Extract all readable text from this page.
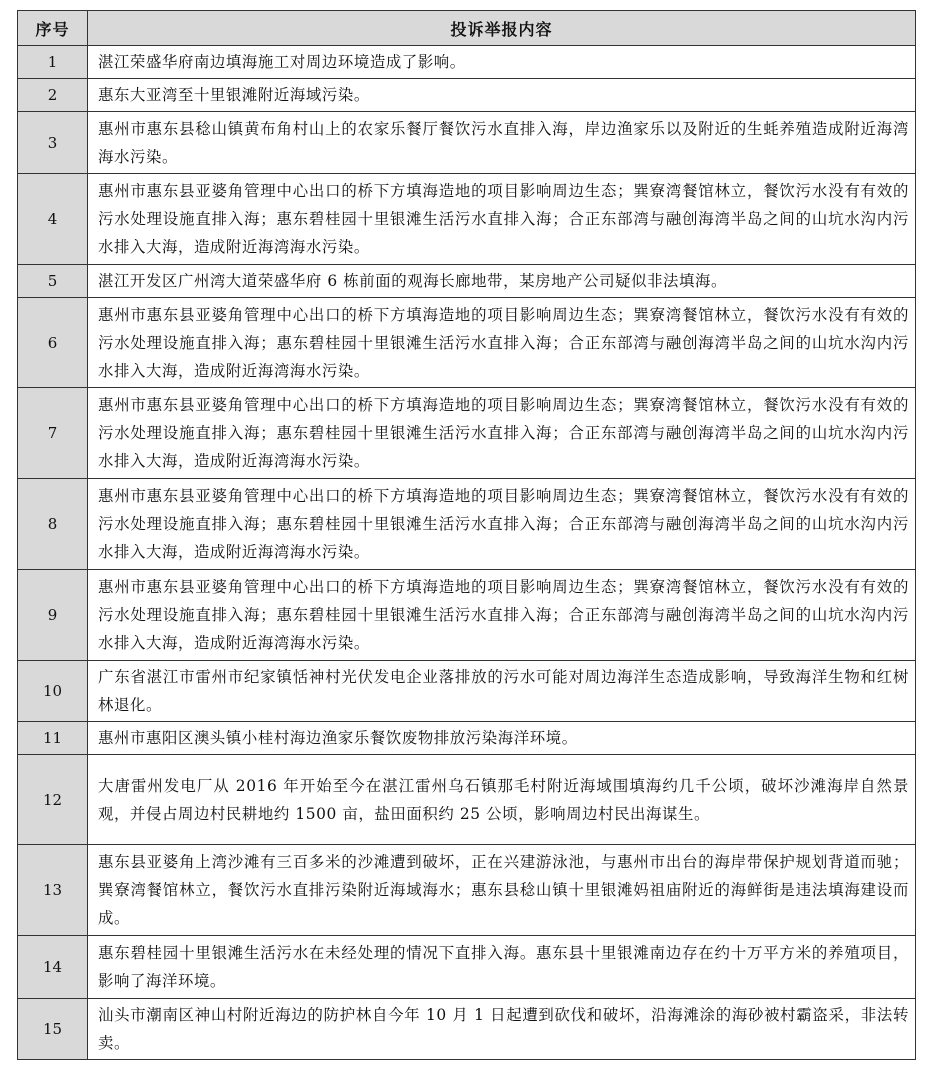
序号	投诉举报内容
1	湛江荣盛华府南边填海施工对周边环境造成了影响。
2	惠东大亚湾至十里银滩附近海域污染。
3	惠州市惠东县稔山镇黄布角村山上的农家乐餐厅餐饮污水直排入海，岸边渔家乐以及附近的生蚝养殖造成附近海湾海水污染。
4	惠州市惠东县亚婆角管理中心出口的桥下方填海造地的项目影响周边生态；巽寮湾餐馆林立，餐饮污水没有有效的污水处理设施直排入海；惠东碧桂园十里银滩生活污水直排入海；合正东部湾与融创海湾半岛之间的山坑水沟内污水排入大海，造成附近海湾海水污染。
5	湛江开发区广州湾大道荣盛华府 6 栋前面的观海长廊地带，某房地产公司疑似非法填海。
6	惠州市惠东县亚婆角管理中心出口的桥下方填海造地的项目影响周边生态；巽寮湾餐馆林立，餐饮污水没有有效的污水处理设施直排入海；惠东碧桂园十里银滩生活污水直排入海；合正东部湾与融创海湾半岛之间的山坑水沟内污水排入大海，造成附近海湾海水污染。
7	惠州市惠东县亚婆角管理中心出口的桥下方填海造地的项目影响周边生态；巽寮湾餐馆林立，餐饮污水没有有效的污水处理设施直排入海；惠东碧桂园十里银滩生活污水直排入海；合正东部湾与融创海湾半岛之间的山坑水沟内污水排入大海，造成附近海湾海水污染。
8	惠州市惠东县亚婆角管理中心出口的桥下方填海造地的项目影响周边生态；巽寮湾餐馆林立，餐饮污水没有有效的污水处理设施直排入海；惠东碧桂园十里银滩生活污水直排入海；合正东部湾与融创海湾半岛之间的山坑水沟内污水排入大海，造成附近海湾海水污染。
9	惠州市惠东县亚婆角管理中心出口的桥下方填海造地的项目影响周边生态；巽寮湾餐馆林立，餐饮污水没有有效的污水处理设施直排入海；惠东碧桂园十里银滩生活污水直排入海；合正东部湾与融创海湾半岛之间的山坑水沟内污水排入大海，造成附近海湾海水污染。
10	广东省湛江市雷州市纪家镇恬神村光伏发电企业落排放的污水可能对周边海洋生态造成影响，导致海洋生物和红树林退化。
11	惠州市惠阳区澳头镇小桂村海边渔家乐餐饮废物排放污染海洋环境。
12	大唐雷州发电厂从 2016 年开始至今在湛江雷州乌石镇那毛村附近海域围填海约几千公顷，破坏沙滩海岸自然景观，并侵占周边村民耕地约 1500 亩，盐田面积约 25 公顷，影响周边村民出海谋生。
13	惠东县亚婆角上湾沙滩有三百多米的沙滩遭到破坏，正在兴建游泳池，与惠州市出台的海岸带保护规划背道而驰；巽寮湾餐馆林立，餐饮污水直排污染附近海域海水；惠东县稔山镇十里银滩妈祖庙附近的海鲜街是违法填海建设而成。
14	惠东碧桂园十里银滩生活污水在未经处理的情况下直排入海。惠东县十里银滩南边存在约十万平方米的养殖项目，影响了海洋环境。
15	汕头市潮南区神山村附近海边的防护林自今年 10 月 1 日起遭到砍伐和破坏，沿海滩涂的海砂被村霸盗采，非法转卖。
